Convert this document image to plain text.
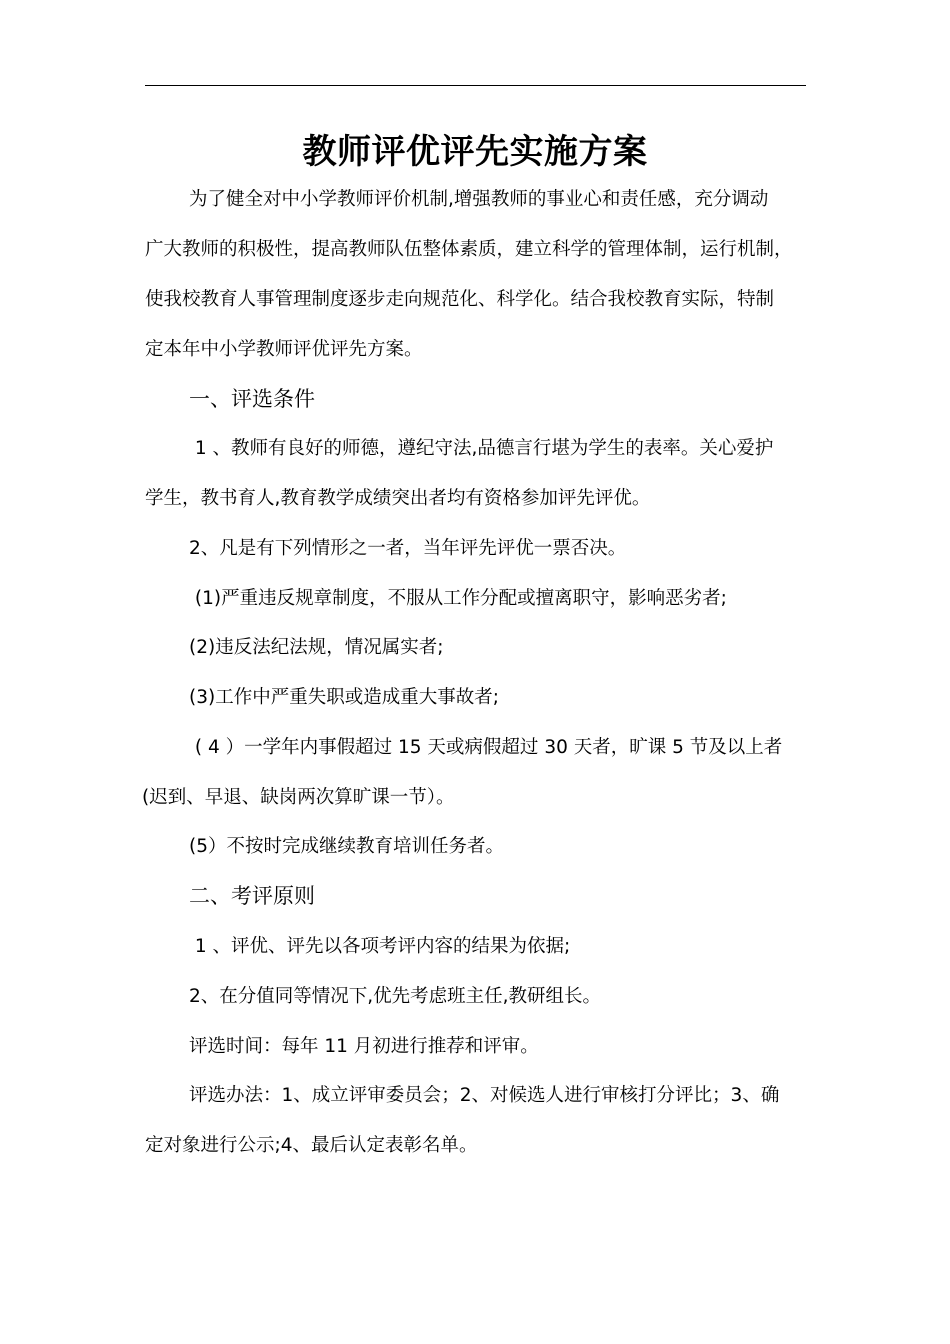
教师评优评先实施方案
为了健全对中小学教师评价机制,增强教师的事业心和责任感，充分调动
广大教师的积极性，提高教师队伍整体素质，建立科学的管理体制，运行机制，
使我校教育人事管理制度逐步走向规范化、科学化。结合我校教育实际，特制
定本年中小学教师评优评先方案。
一、评选条件
1 、教师有良好的师德，遵纪守法,品德言行堪为学生的表率。关心爱护
学生，教书育人,教育教学成绩突出者均有资格参加评先评优。
2、凡是有下列情形之一者，当年评先评优一票否决。
(1)严重违反规章制度，不服从工作分配或擅离职守，影响恶劣者;
(2)违反法纪法规，情况属实者;
(3)工作中严重失职或造成重大事故者;
( 4 ）一学年内事假超过 15 天或病假超过 30 天者，旷课 5 节及以上者
(迟到、早退、缺岗两次算旷课一节）。
(5）不按时完成继续教育培训任务者。
二、考评原则
1 、评优、评先以各项考评内容的结果为依据;
2、在分值同等情况下,优先考虑班主任,教研组长。
评选时间：每年 11 月初进行推荐和评审。
评选办法：1、成立评审委员会；2、对候选人进行审核打分评比；3、确
定对象进行公示;4、最后认定表彰名单。
